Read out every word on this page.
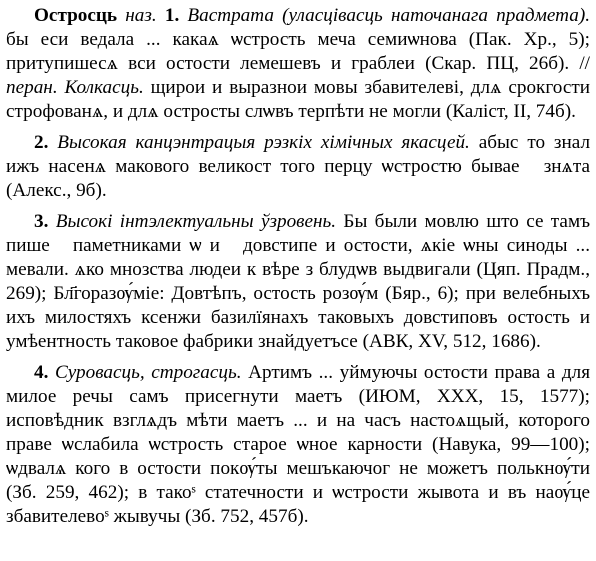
Остросць наз. 1. Вастрата (уласцівасць наточанага прадмета). бы еси ведала ... какаѧ ѡстрость меча семиѡнова (Пак. Хр., 5); притупишесѧ вси остости лемешевъ и граблеи (Скар. ПЦ, 26б). // перан. Колкасць. щирои и выразнои мовы збавителеві, длѧ срокгости строфованѧ, и длѧ остросты слѡвъ терпѣти не могли (Каліст, II, 74б).
2. Высокая канцэнтрацыя рэзкіх хімічных якасцей. абыс то знал ижъ насенѧ макового великост того перцу ѡстростю бываеⷮ знѧта (Алекс., 9б).
3. Высокі інтэлектуальны ўзровень. Бы были мовлю што се тамъ пишеⷮ паметниками ѡ иⷯ довстипе и остости, ѧкіе ѡны синоды ... мевали. ѧко мнозства людеи к вѣре з блудѡв выдвигали (Цяп. Прадм., 269); Бл҃горазѹ́міе: Довтѣпъ, остость розѹ́м (Бяр., 6); при велебныхъ ихъ милостяхъ ксенжи базилїянахъ таковыхъ довстиповъ остость и умѣентность таковое фабрики знайдуетъсе (АВК, XV, 512, 1686).
4. Суровасць, строгасць. Артимъ ... уймуючы остости права а для милое речы самъ присегнути маетъ (ИЮМ, XXX, 15, 1577); исповѣдник взглѧдъ мѣти маетъ ... и на часъ настоѧщый, которого праве ѡслабила ѡстрость старое ѡное карности (Навука, 99—100); ѡдвалѧ кого в остости покѹ́ты мешъкаючог не можетъ полькнѹ́ти (Зб. 259, 462); в такоˢ статечности и ѡстрости жывота и въ наѹ́це збавителевоˢ жывучы (Зб. 752, 457б).
